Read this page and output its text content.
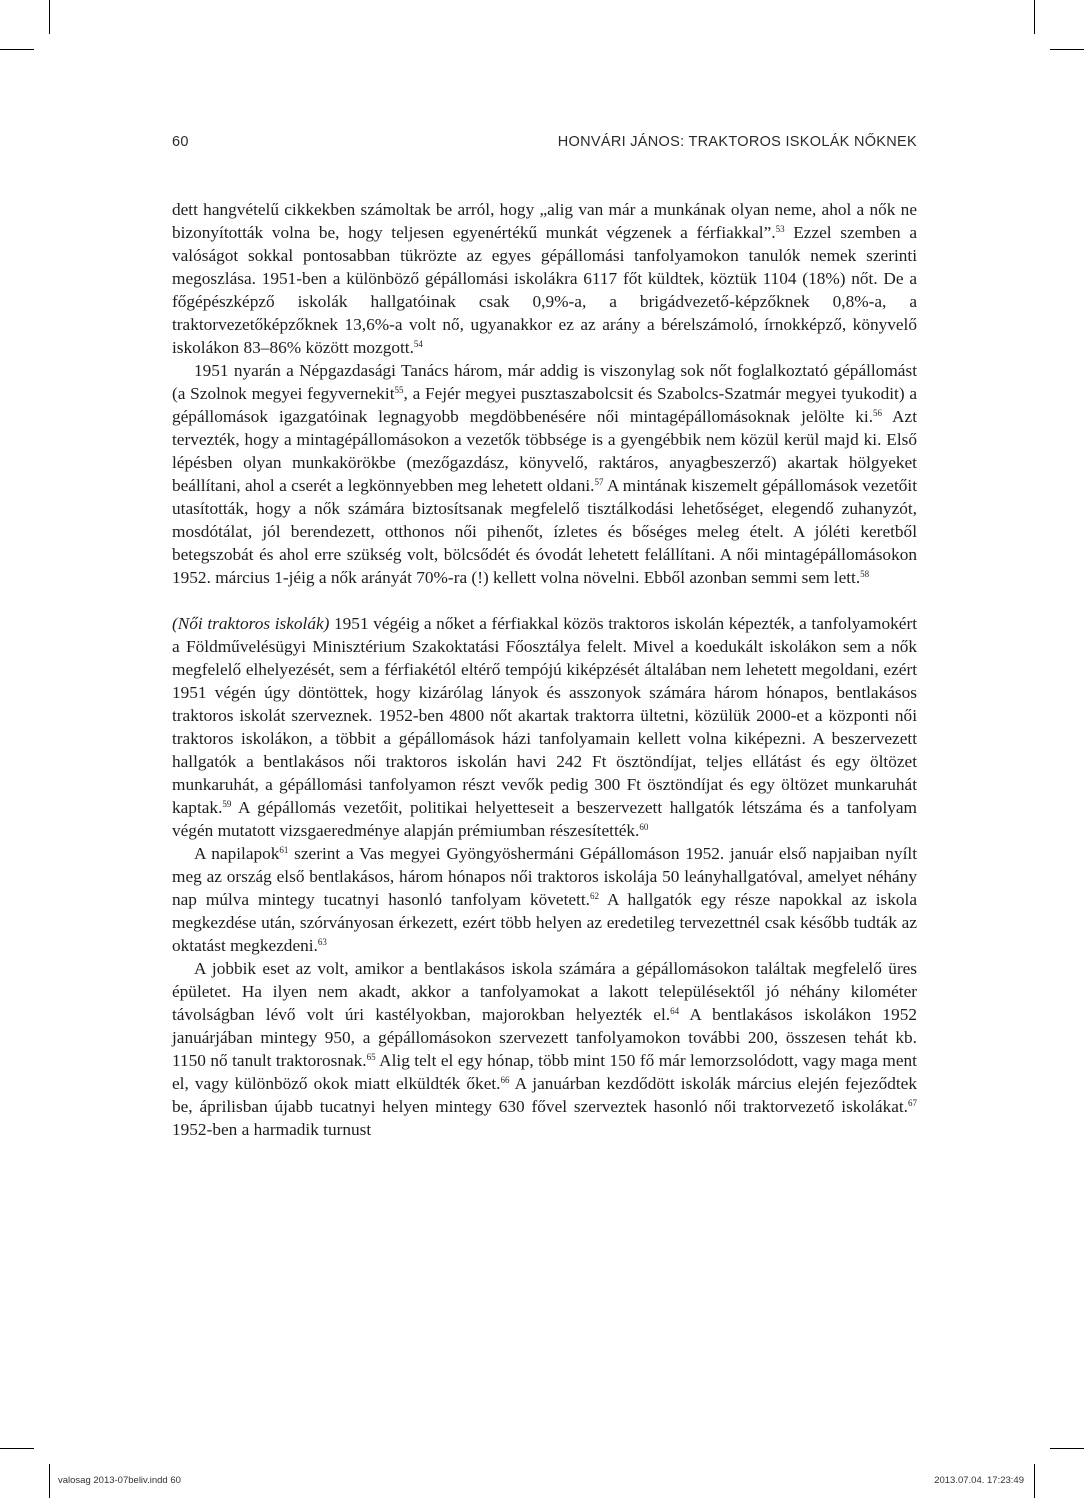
60	HONVÁRI JÁNOS: TRAKTOROS ISKOLÁK NŐKNEK

dett hangvételű cikkekben számoltak be arról, hogy „alig van már a munkának olyan neme, ahol a nők ne bizonyították volna be, hogy teljesen egyenértékű munkát végzenek a férfiakkal”.$^{53}$ Ezzel szemben a valóságot sokkal pontosabban tükrözte az egyes gépállomási tanfolyamokon tanulók nemek szerinti megoszlása. 1951-ben a különböző gépállomási iskolákra 6117 főt küldtek, köztük 1104 (18%) nőt. De a főgépészképző iskolák hallgatóinak csak 0,9%-a, a brigádvezető-képzőknek 0,8%-a, a traktorvezetőképzőknek 13,6%-a volt nő, ugyanakkor ez az arány a bérelszámoló, írnokképző, könyvelő iskolákon 83–86% között mozgott.$^{54}$

1951 nyarán a Népgazdasági Tanács három, már addig is viszonylag sok nőt foglalkoztató gépállomást (a Szolnok megyei fegyvernekit$^{55}$, a Fejér megyei pusztaszabolcsit és Szabolcs-Szatmár megyei tyukodit) a gépállomások igazgatóinak legnagyobb megdöbbenésére női mintagépállomásoknak jelölte ki.$^{56}$ Azt tervezték, hogy a mintagépállomásokon a vezetők többsége is a gyengébbik nem közül kerül majd ki. Első lépésben olyan munkakörökbe (mezőgazdász, könyvelő, raktáros, anyagbeszerző) akartak hölgyeket beállítani, ahol a cserét a legkönnyebben meg lehetett oldani.$^{57}$ A mintának kiszemelt gépállomások vezetőit utasították, hogy a nők számára biztosítsanak megfelelő tisztálkodási lehetőséget, elegendő zuhanyzót, mosdótálat, jól berendezett, otthonos női pihenőt, ízletes és bőséges meleg ételt. A jóléti keretből betegszobát és ahol erre szükség volt, bölcsődét és óvodát lehetett felállítani. A női mintagépállomásokon 1952. március 1-jéig a nők arányát 70%-ra (!) kellett volna növelni. Ebből azonban semmi sem lett.$^{58}$

(Női traktoros iskolák) 1951 végéig a nőket a férfiakkal közös traktoros iskolán képezték, a tanfolyamokért a Földművelésügyi Minisztérium Szakoktatási Főosztálya felelt. Mivel a koedukált iskolákon sem a nők megfelelő elhelyezését, sem a férfiakétól eltérő tempójú kiképzését általában nem lehetett megoldani, ezért 1951 végén úgy döntöttek, hogy kizárólag lányok és asszonyok számára három hónapos, bentlakásos traktoros iskolát szerveznek. 1952-ben 4800 nőt akartak traktorra ültetni, közülük 2000-et a központi női traktoros iskolákon, a többit a gépállomások házi tanfolyamain kellett volna kiképezni. A beszervezett hallgatók a bentlakásos női traktoros iskolán havi 242 Ft ösztöndíjat, teljes ellátást és egy öltözet munkaruhát, a gépállomási tanfolyamon részt vevők pedig 300 Ft ösztöndíjat és egy öltözet munkaruhát kaptak.$^{59}$ A gépállomás vezetőit, politikai helyetteseit a beszervezett hallgatók létszáma és a tanfolyam végén mutatott vizsgaeredménye alapján prémiumban részesítették.$^{60}$

A napilapok$^{61}$ szerint a Vas megyei Gyöngyöshermáni Gépállomáson 1952. január első napjaiban nyílt meg az ország első bentlakásos, három hónapos női traktoros iskolája 50 leányhallgatóval, amelyet néhány nap múlva mintegy tucatnyi hasonló tanfolyam követett.$^{62}$ A hallgatók egy része napokkal az iskola megkezdése után, szórványosan érkezett, ezért több helyen az eredetileg tervezettnél csak később tudták az oktatást megkezdeni.$^{63}$

A jobbik eset az volt, amikor a bentlakásos iskola számára a gépállomásokon találtak megfelelő üres épületet. Ha ilyen nem akadt, akkor a tanfolyamokat a lakott településektől jó néhány kilométer távolságban lévő volt úri kastélyokban, majorokban helyezték el.$^{64}$ A bentlakásos iskolákon 1952 januárjában mintegy 950, a gépállomásokon szervezett tanfolyamokon további 200, összesen tehát kb. 1150 nő tanult traktorosnak.$^{65}$ Alig telt el egy hónap, több mint 150 fő már lemorzsolódott, vagy maga ment el, vagy különböző okok miatt elküldték őket.$^{66}$ A januárban kezdődött iskolák március elején fejeződtek be, áprilisban újabb tucatnyi helyen mintegy 630 fővel szerveztek hasonló női traktorvezető iskolákat.$^{67}$ 1952-ben a harmadik turnust

valosag 2013-07beliv.indd 60	2013.07.04. 17:23:49
